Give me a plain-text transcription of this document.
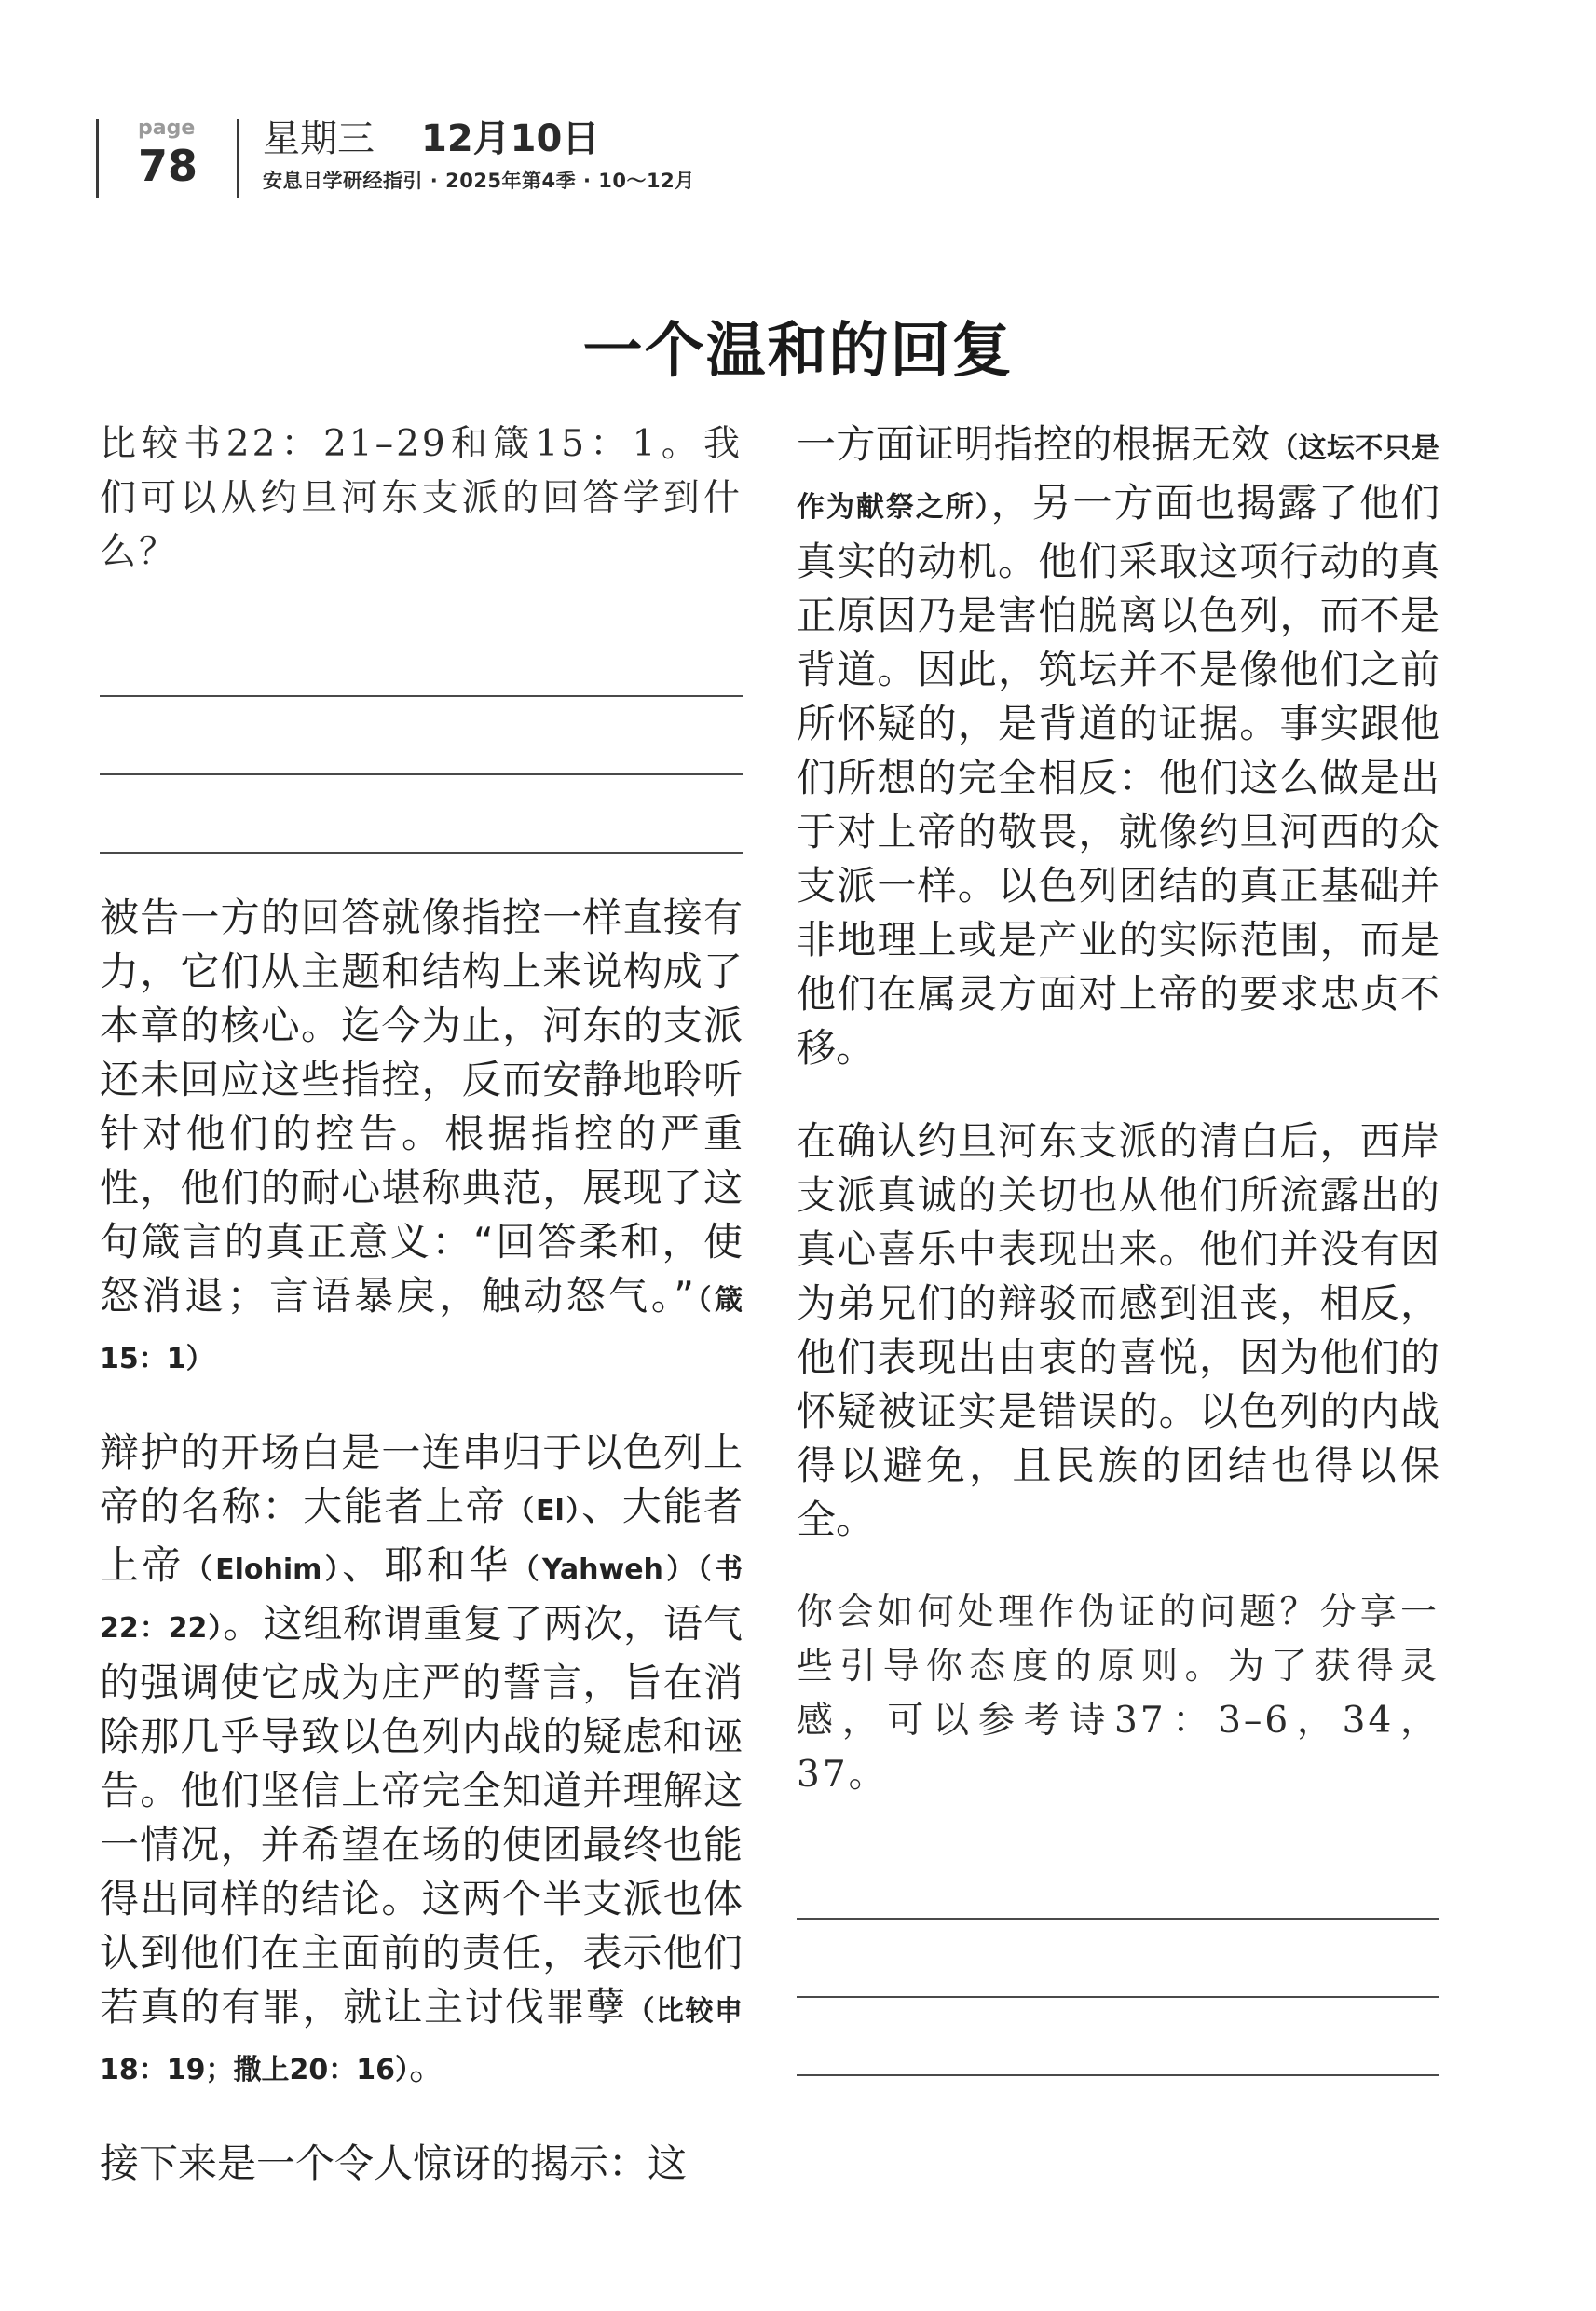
page
78
星期三 12月10日
安息日学研经指引 · 2025年第4季 · 10～12月
一个温和的回复

比较书22：21–29和箴15：1。我们可以从约旦河东支派的回答学到什么？

被告一方的回答就像指控一样直接有力，它们从主题和结构上来说构成了本章的核心。迄今为止，河东的支派还未回应这些指控，反而安静地聆听针对他们的控告。根据指控的严重性，他们的耐心堪称典范，展现了这句箴言的真正意义：“回答柔和，使怒消退；言语暴戾，触动怒气。”（箴15：1）

辩护的开场白是一连串归于以色列上帝的名称：大能者上帝（El）、大能者上帝（Elohim）、耶和华（Yahweh）（书22：22）。这组称谓重复了两次，语气的强调使它成为庄严的誓言，旨在消除那几乎导致以色列内战的疑虑和诬告。他们坚信上帝完全知道并理解这一情况，并希望在场的使团最终也能得出同样的结论。这两个半支派也体认到他们在主面前的责任，表示他们若真的有罪，就让主讨伐罪孽（比较申18：19；撒上20：16）。

接下来是一个令人惊讶的揭示：这

一方面证明指控的根据无效（这坛不只是作为献祭之所），另一方面也揭露了他们真实的动机。他们采取这项行动的真正原因乃是害怕脱离以色列，而不是背道。因此，筑坛并不是像他们之前所怀疑的，是背道的证据。事实跟他们所想的完全相反：他们这么做是出于对上帝的敬畏，就像约旦河西的众支派一样。以色列团结的真正基础并非地理上或是产业的实际范围，而是他们在属灵方面对上帝的要求忠贞不移。

在确认约旦河东支派的清白后，西岸支派真诚的关切也从他们所流露出的真心喜乐中表现出来。他们并没有因为弟兄们的辩驳而感到沮丧，相反，他们表现出由衷的喜悦，因为他们的怀疑被证实是错误的。以色列的内战得以避免，且民族的团结也得以保全。

你会如何处理作伪证的问题？分享一些引导你态度的原则。为了获得灵感，可以参考诗37：3–6，34，37。
